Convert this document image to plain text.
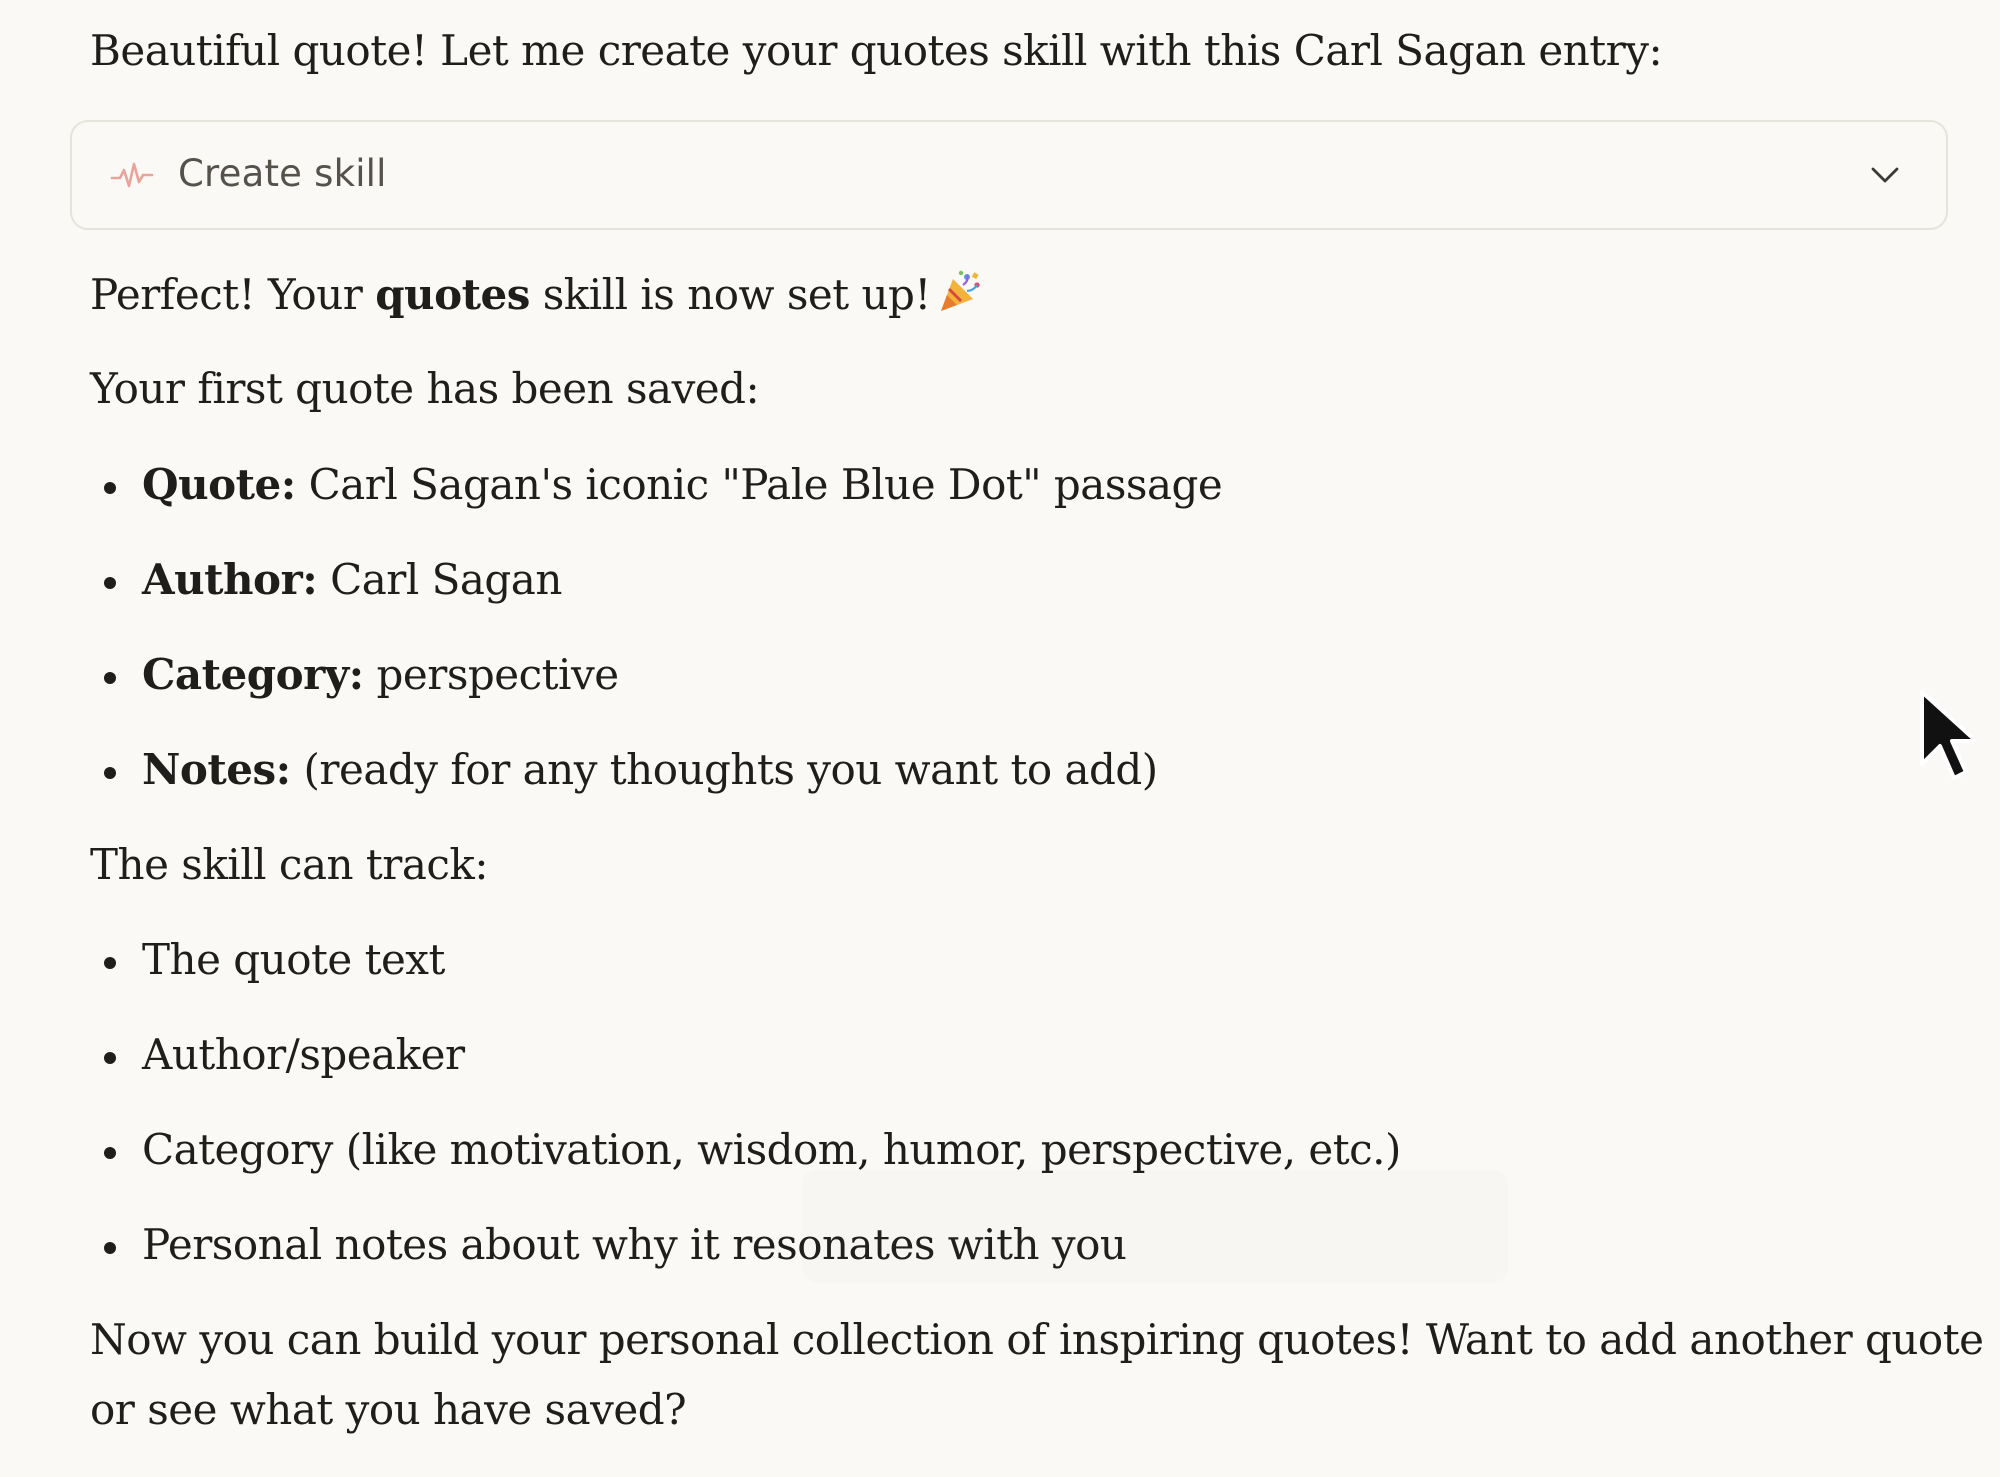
Beautiful quote! Let me create your quotes skill with this Carl Sagan entry:
Create skill
Perfect! Your quotes skill is now set up!
Your first quote has been saved:
Quote: Carl Sagan's iconic "Pale Blue Dot" passage
Author: Carl Sagan
Category: perspective
Notes: (ready for any thoughts you want to add)
The skill can track:
The quote text
Author/speaker
Category (like motivation, wisdom, humor, perspective, etc.)
Personal notes about why it resonates with you
Now you can build your personal collection of inspiring quotes! Want to add another quote
or see what you have saved?
